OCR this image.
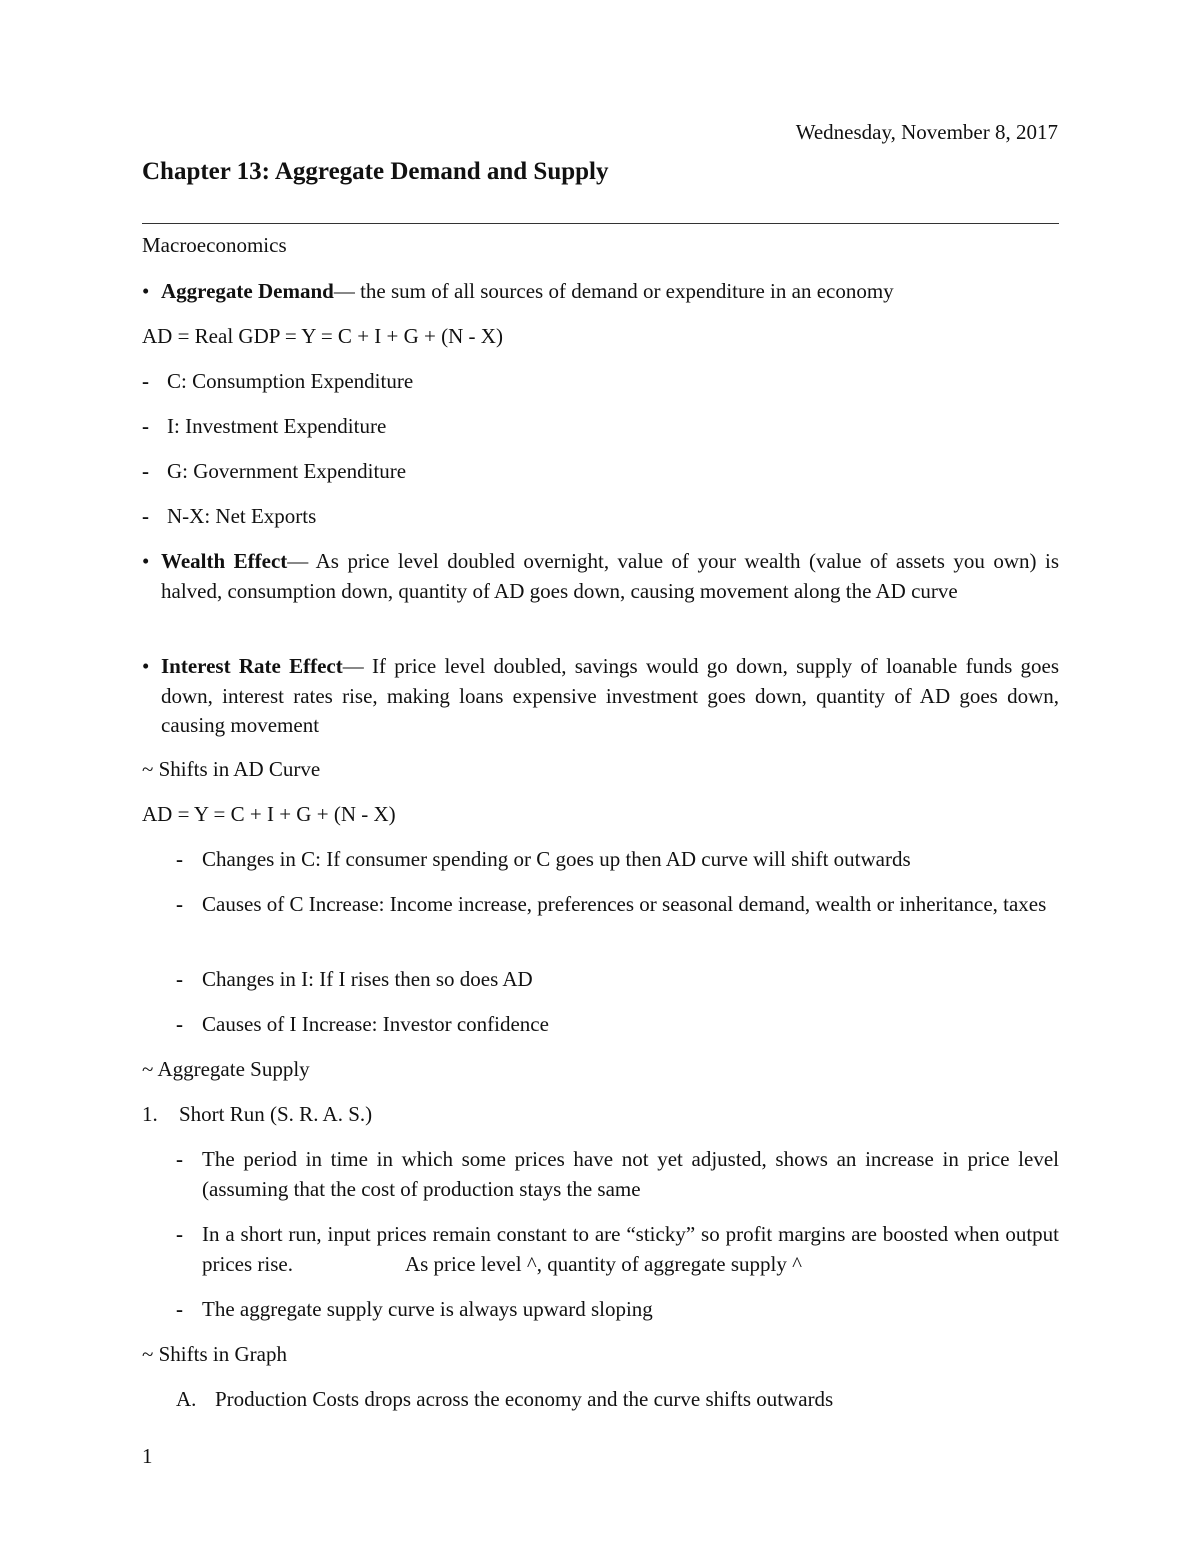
Wednesday, November 8, 2017
Chapter 13: Aggregate Demand and Supply
Macroeconomics
• Aggregate Demand— the sum of all sources of demand or expenditure in an economy
AD = Real GDP = Y = C + I + G + (N - X)
- C: Consumption Expenditure
- I: Investment Expenditure
- G: Government Expenditure
- N-X: Net Exports
• Wealth Effect— As price level doubled overnight, value of your wealth (value of assets you own) is halved, consumption down, quantity of AD goes down, causing movement along the AD curve
• Interest Rate Effect— If price level doubled, savings would go down, supply of loanable funds goes down, interest rates rise, making loans expensive investment goes down, quantity of AD goes down, causing movement
~ Shifts in AD Curve
AD = Y = C + I + G + (N - X)
- Changes in C: If consumer spending or C goes up then AD curve will shift outwards
- Causes of C Increase: Income increase, preferences or seasonal demand, wealth or inheritance, taxes
- Changes in I: If I rises then so does AD
- Causes of I Increase: Investor confidence
~ Aggregate Supply
1. Short Run (S. R. A. S.)
- The period in time in which some prices have not yet adjusted, shows an increase in price level (assuming that the cost of production stays the same
- In a short run, input prices remain constant to are “sticky” so profit margins are boosted when output prices rise.	As price level ^, quantity of aggregate supply ^
- The aggregate supply curve is always upward sloping
~ Shifts in Graph
A. Production Costs drops across the economy and the curve shifts outwards
1
